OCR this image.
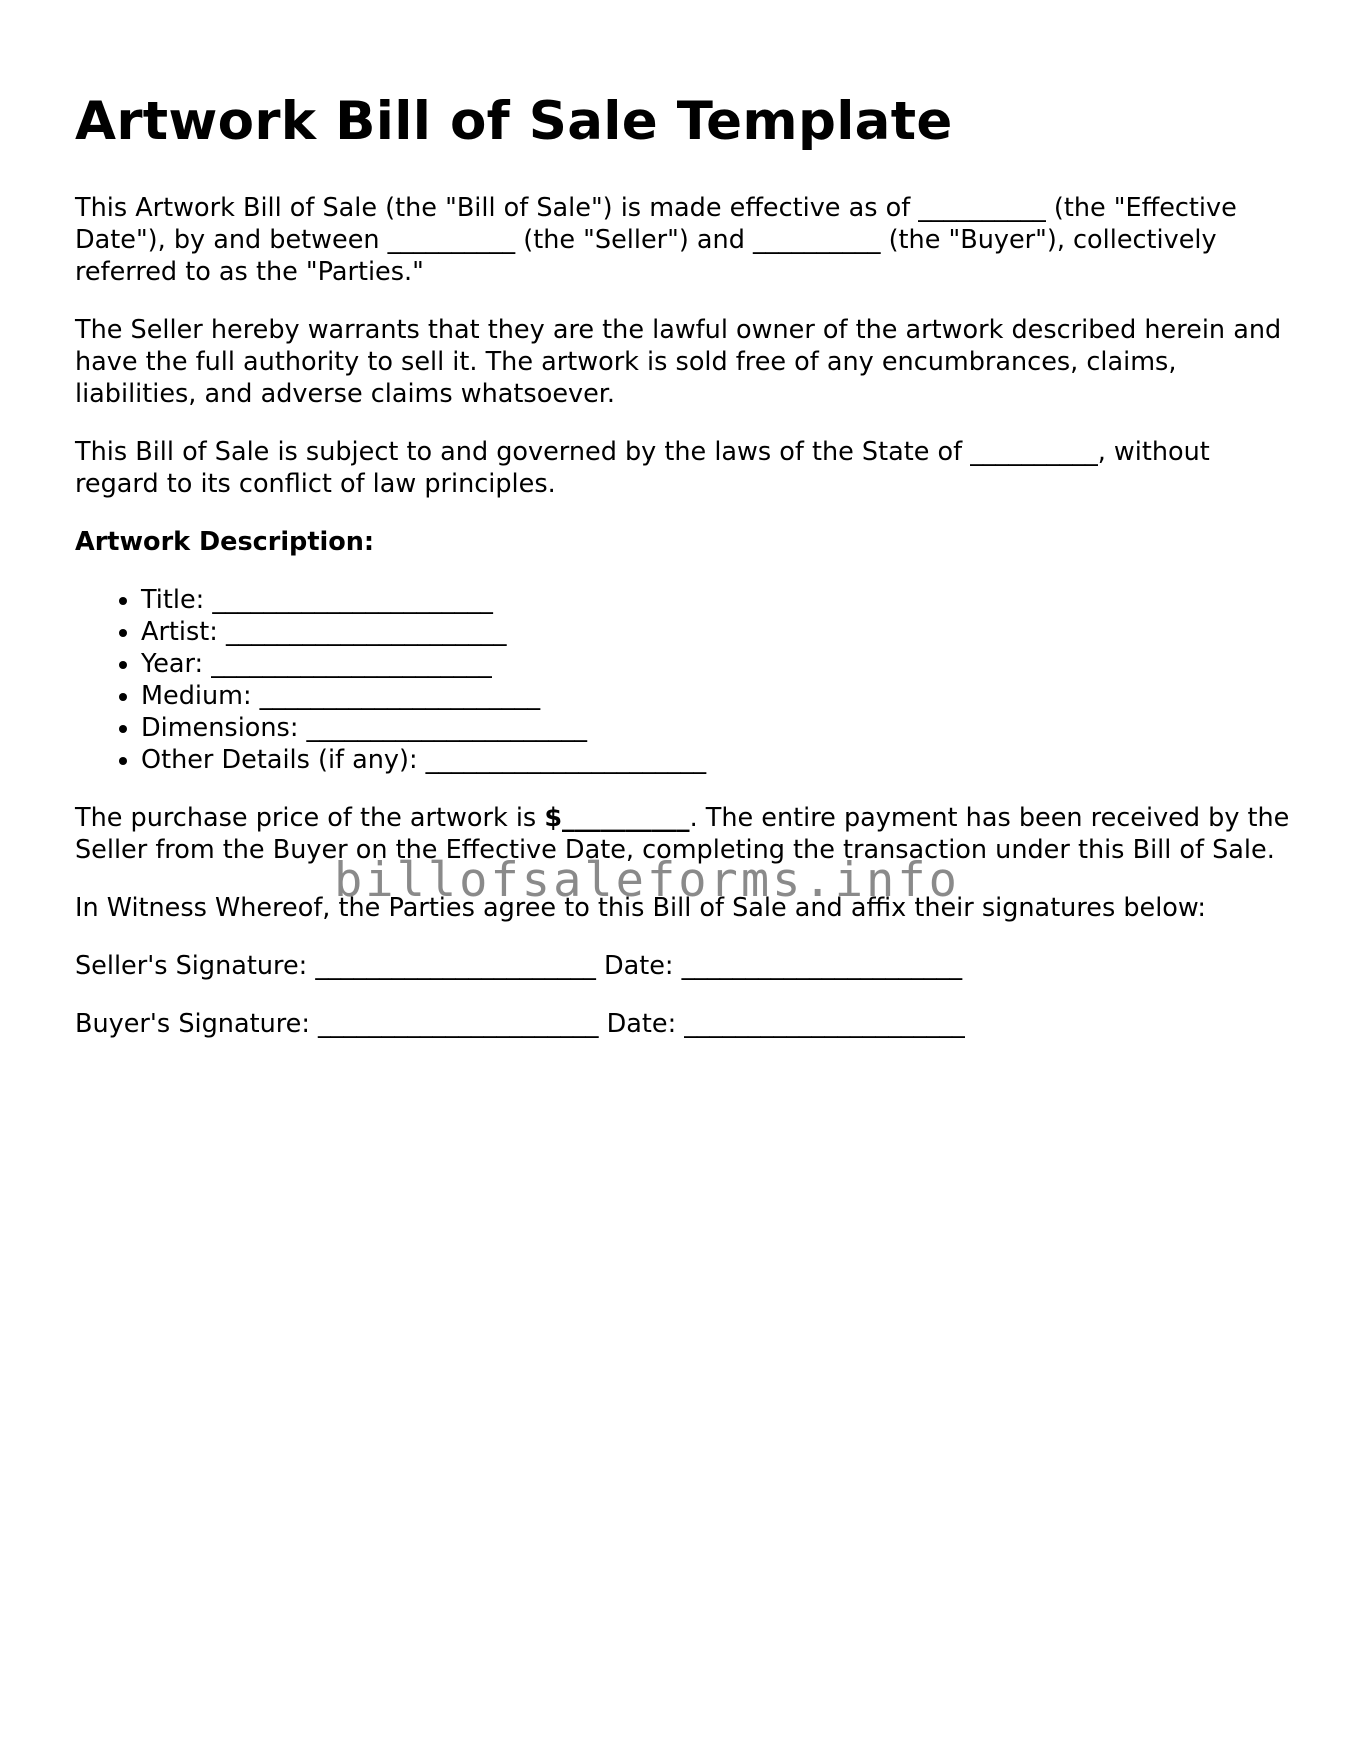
Artwork Bill of Sale Template

This Artwork Bill of Sale (the "Bill of Sale") is made effective as of __________ (the "Effective Date"), by and between __________ (the "Seller") and __________ (the "Buyer"), collectively referred to as the "Parties."

The Seller hereby warrants that they are the lawful owner of the artwork described herein and have the full authority to sell it. The artwork is sold free of any encumbrances, claims, liabilities, and adverse claims whatsoever.

This Bill of Sale is subject to and governed by the laws of the State of __________, without regard to its conflict of law principles.

Artwork Description:

• Title: ______________________
• Artist: ______________________
• Year: ______________________
• Medium: ______________________
• Dimensions: ______________________
• Other Details (if any): ______________________

The purchase price of the artwork is $__________. The entire payment has been received by the Seller from the Buyer on the Effective Date, completing the transaction under this Bill of Sale.

In Witness Whereof, the Parties agree to this Bill of Sale and affix their signatures below:

Seller's Signature: ______________________ Date: ______________________

Buyer's Signature: ______________________ Date: ______________________

billofsaleforms.info
